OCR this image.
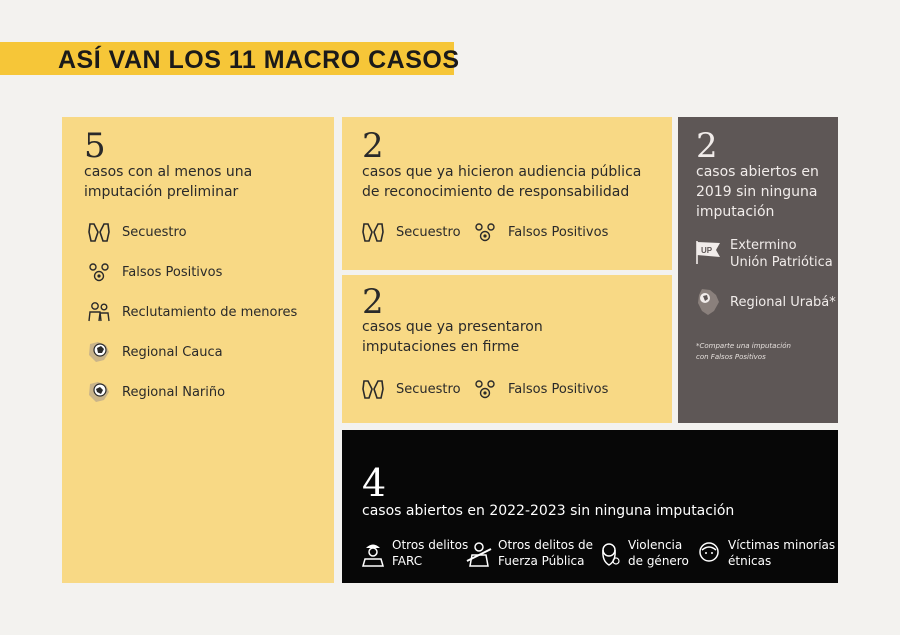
ASÍ VAN LOS 11 MACRO CASOS
5
casos con al menos una
imputación preliminar
Secuestro
Falsos Positivos
Reclutamiento de menores
Regional Cauca
Regional Nariño
2
casos que ya hicieron audiencia pública
de reconocimiento de responsabilidad
Secuestro	Falsos Positivos
2
casos que ya presentaron
imputaciones en firme
Secuestro	Falsos Positivos
2
casos abiertos en
2019 sin ninguna
imputación
UP Extermino
Unión Patriótica
Regional Urabá*
*Comparte una imputación
con Falsos Positivos
4
casos abiertos en 2022-2023 sin ninguna imputación
Otros delitos
FARC
Otros delitos de
Fuerza Pública
Violencia
de género
Víctimas minorías
étnicas
